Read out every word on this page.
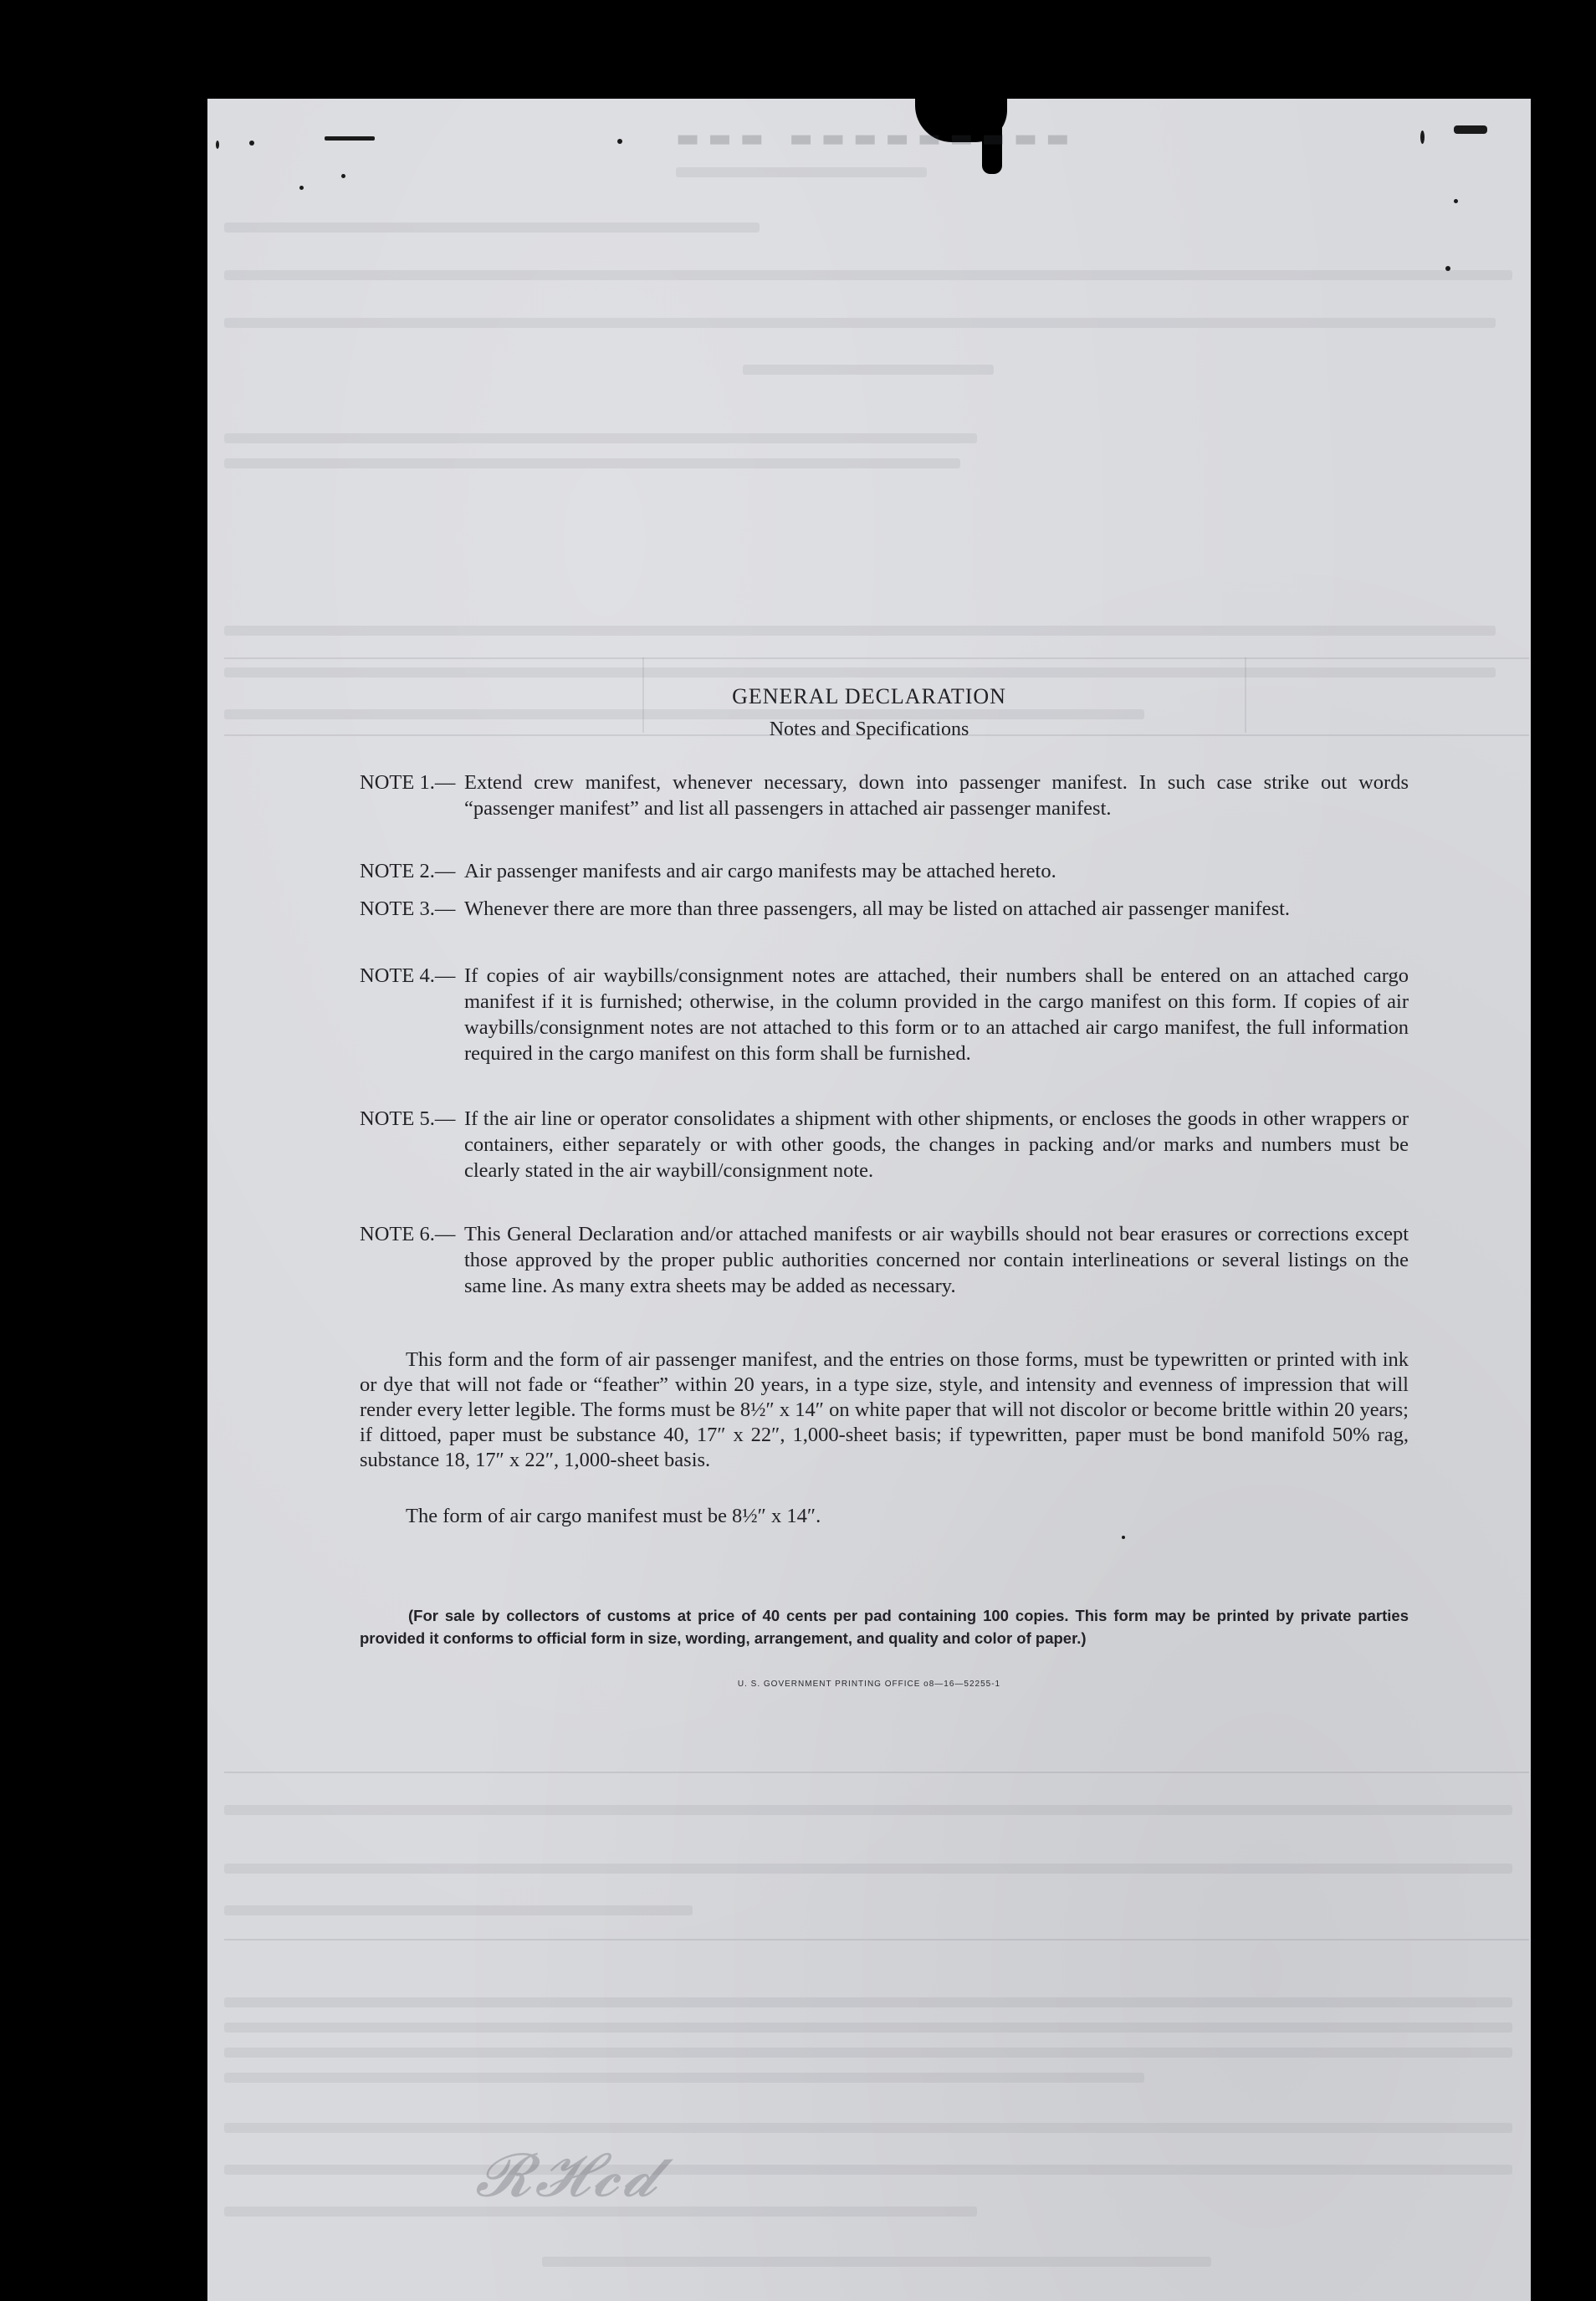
▬▬▬ ▬▬▬▬▬▬▬▬▬
𝓡𝓗𝓬𝓭
GENERAL DECLARATION
Notes and Specifications
NOTE 1.— Extend crew manifest, whenever necessary, down into passenger manifest. In such case strike out words “passenger manifest” and list all passengers in attached air passenger manifest.
NOTE 2.— Air passenger manifests and air cargo manifests may be attached hereto.
NOTE 3.— Whenever there are more than three passengers, all may be listed on attached air passenger manifest.
NOTE 4.— If copies of air waybills/consignment notes are attached, their numbers shall be entered on an attached cargo manifest if it is furnished; otherwise, in the column provided in the cargo manifest on this form. If copies of air waybills/consignment notes are not attached to this form or to an attached air cargo manifest, the full information required in the cargo manifest on this form shall be furnished.
NOTE 5.— If the air line or operator consolidates a shipment with other shipments, or encloses the goods in other wrappers or containers, either separately or with other goods, the changes in packing and/or marks and numbers must be clearly stated in the air waybill/consignment note.
NOTE 6.— This General Declaration and/or attached manifests or air waybills should not bear erasures or corrections except those approved by the proper public authorities concerned nor contain interlineations or several listings on the same line. As many extra sheets may be added as necessary.
This form and the form of air passenger manifest, and the entries on those forms, must be typewritten or printed with ink or dye that will not fade or “feather” within 20 years, in a type size, style, and intensity and evenness of impression that will render every letter legible. The forms must be 8½″ x 14″ on white paper that will not discolor or become brittle within 20 years; if dittoed, paper must be substance 40, 17″ x 22″, 1,000-sheet basis; if typewritten, paper must be bond manifold 50% rag, substance 18, 17″ x 22″, 1,000-sheet basis.
The form of air cargo manifest must be 8½″ x 14″.
(For sale by collectors of customs at price of 40 cents per pad containing 100 copies. This form may be printed by private parties provided it conforms to official form in size, wording, arrangement, and quality and color of paper.)
U. S. GOVERNMENT PRINTING OFFICE o8—16—52255-1
